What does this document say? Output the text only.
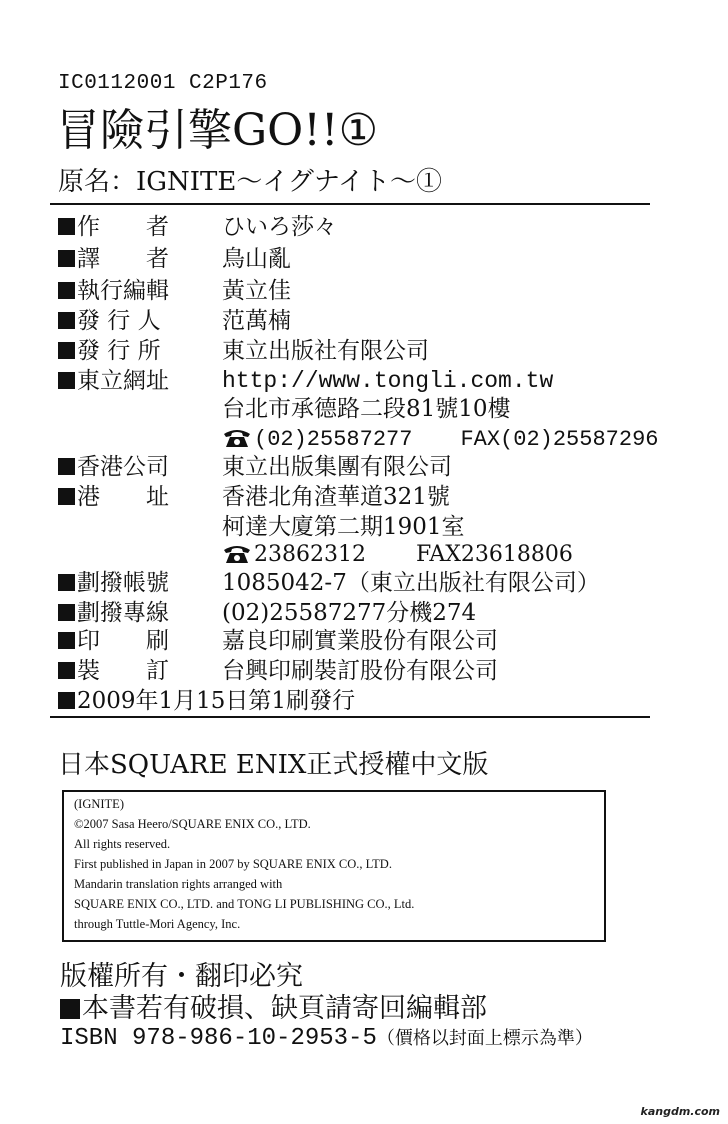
IC0112001 C2P176
冒險引擎GO!!①
原名：IGNITE～イグナイト～①
作　　者 ひいろ莎々
譯　　者 鳥山亂
執行編輯 黃立佳
發 行 人	范萬楠
發 行 所	東立出版社有限公司
東立網址 http://www.tongli.com.tw
台北市承德路二段81號10樓
(02)25587277 FAX(02)25587296
香港公司 東立出版集團有限公司
港　　址 香港北角渣華道321號
柯達大廈第二期1901室
23862312 FAX23618806
劃撥帳號 1085042-7（東立出版社有限公司）
劃撥專線 (02)25587277分機274
印　　刷 嘉良印刷實業股份有限公司
裝　　訂 台興印刷裝訂股份有限公司
2009年1月15日第1刷發行
日本SQUARE ENIX正式授權中文版
(IGNITE)
©2007 Sasa Heero/SQUARE ENIX CO., LTD.
All rights reserved.
First published in Japan in 2007 by SQUARE ENIX CO., LTD.
Mandarin translation rights arranged with
SQUARE ENIX CO., LTD. and TONG LI PUBLISHING CO., Ltd.
through Tuttle-Mori Agency, Inc.
版權所有・翻印必究
本書若有破損、缺頁請寄回編輯部
ISBN 978-986-10-2953-5（價格以封面上標示為準）
kangdm.com
